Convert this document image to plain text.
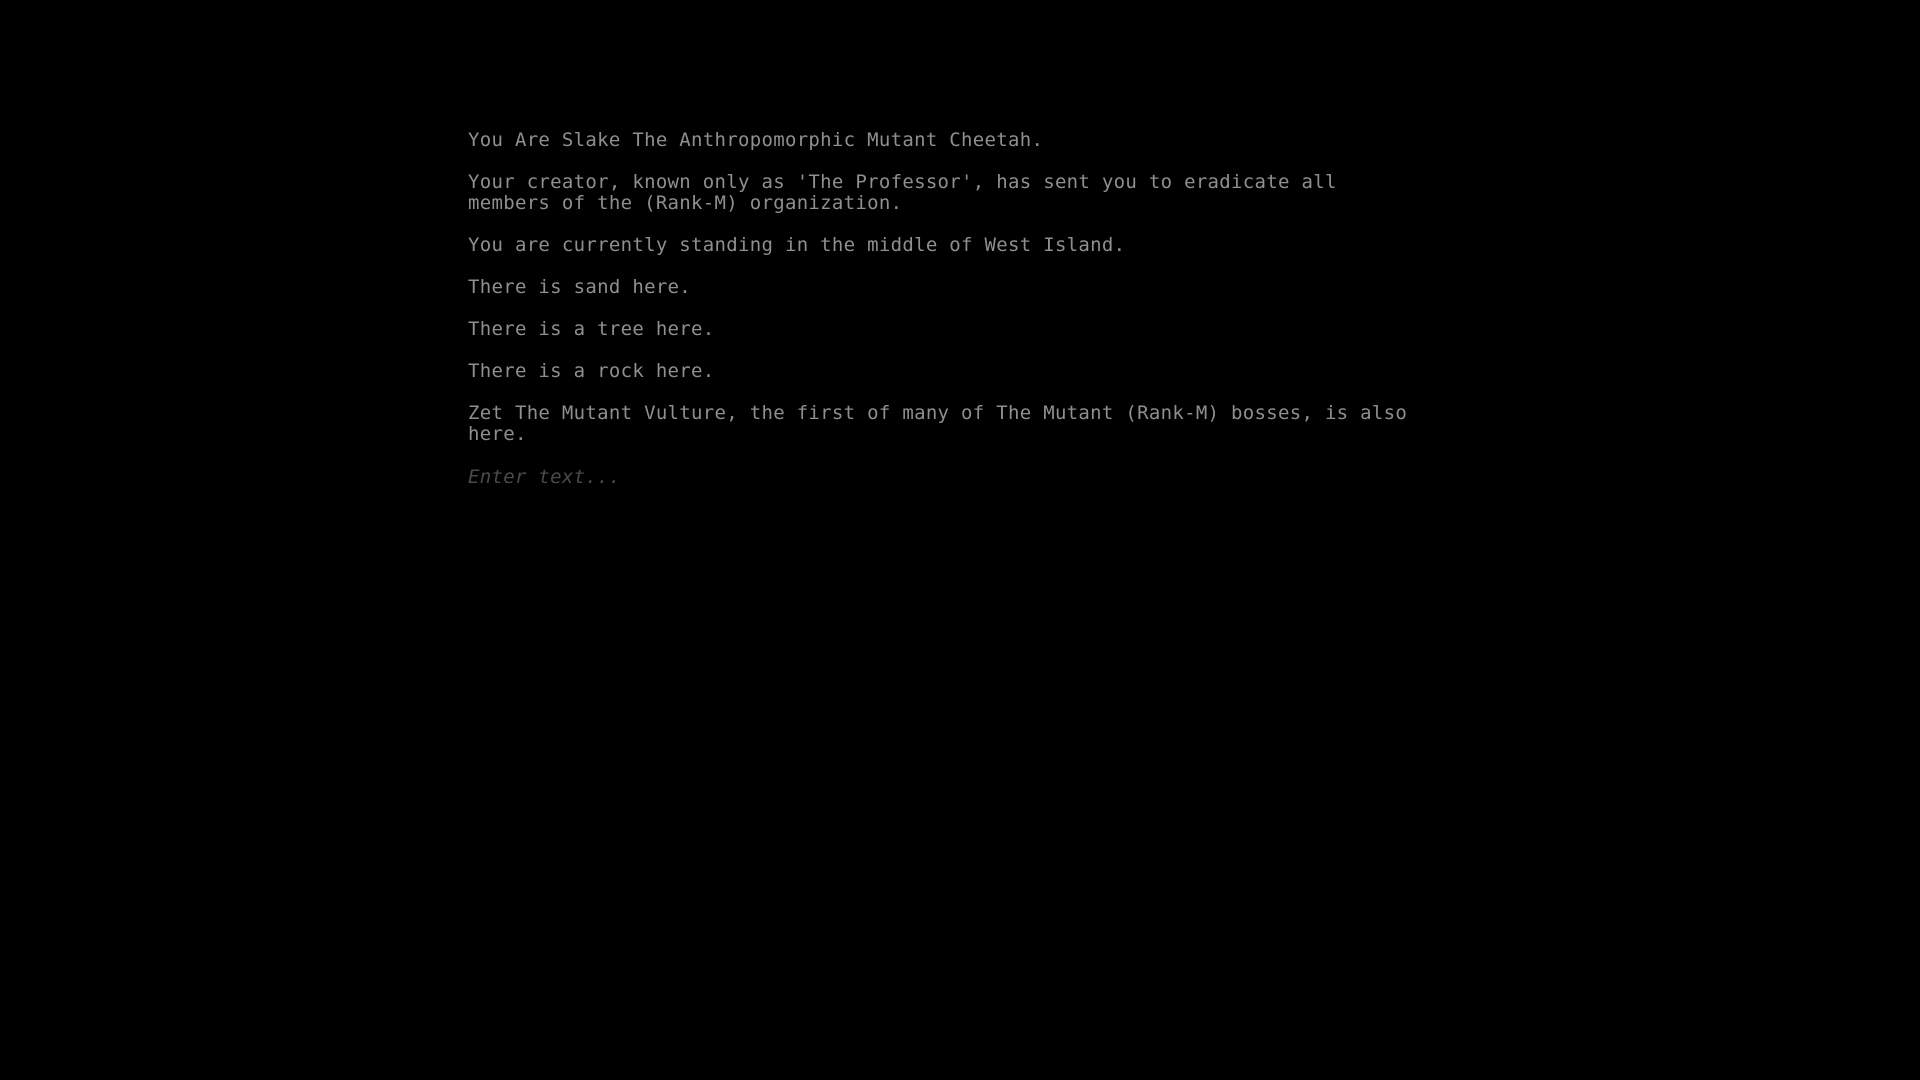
You Are Slake The Anthropomorphic Mutant Cheetah.

Your creator, known only as 'The Professor', has sent you to eradicate all members of the (Rank-M) organization.

You are currently standing in the middle of West Island.

There is sand here.

There is a tree here.

There is a rock here.

Zet The Mutant Vulture, the first of many of The Mutant (Rank-M) bosses, is also here.

Enter text...
